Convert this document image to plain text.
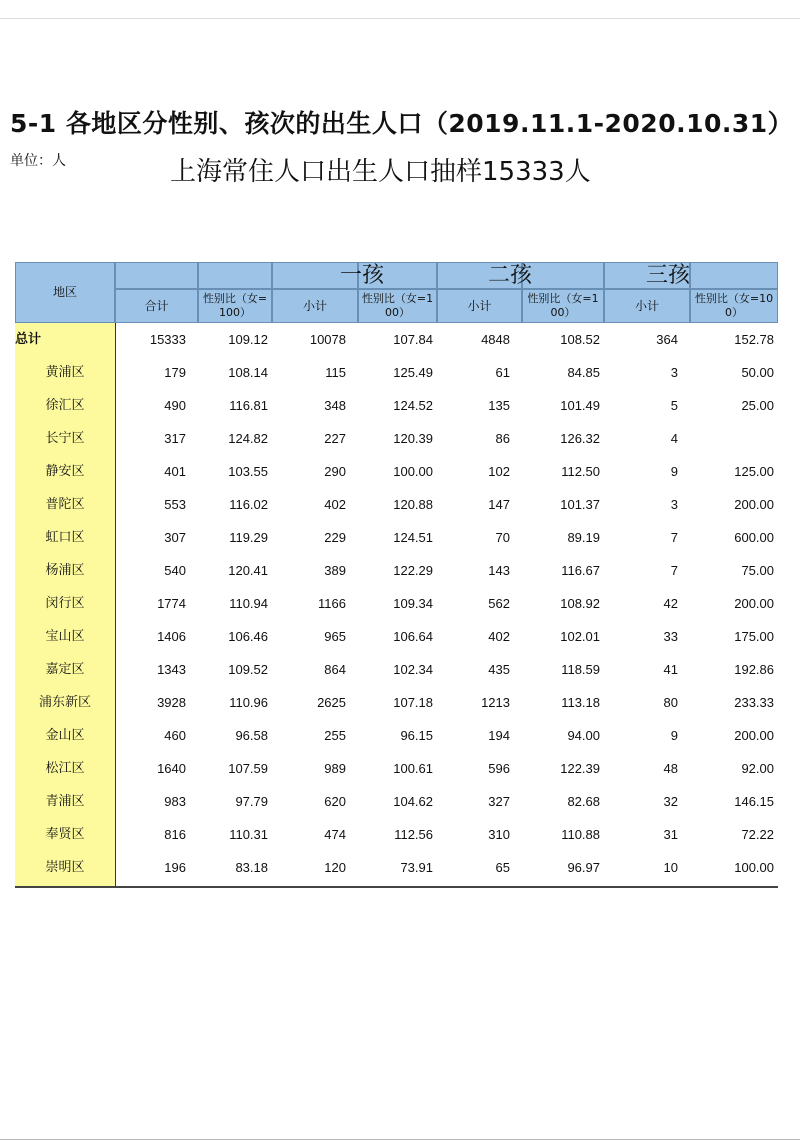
5-1 各地区分性别、孩次的出生人口（2019.11.1-2020.10.31）
单位：人	上海常住人口出生人口抽样15333人
地区
合计	性别比（女=100）	小计	性别比（女=100）	小计	性别比（女=100）	小计	性别比（女=100）
一孩	二孩	三孩
总计	15333	109.12	10078	107.84	4848	108.52	364	152.78
黄浦区	179	108.14	115	125.49	61	84.85	3	50.00
徐汇区	490	116.81	348	124.52	135	101.49	5	25.00
长宁区	317	124.82	227	120.39	86	126.32	4
静安区	401	103.55	290	100.00	102	112.50	9	125.00
普陀区	553	116.02	402	120.88	147	101.37	3	200.00
虹口区	307	119.29	229	124.51	70	89.19	7	600.00
杨浦区	540	120.41	389	122.29	143	116.67	7	75.00
闵行区	1774	110.94	1166	109.34	562	108.92	42	200.00
宝山区	1406	106.46	965	106.64	402	102.01	33	175.00
嘉定区	1343	109.52	864	102.34	435	118.59	41	192.86
浦东新区	3928	110.96	2625	107.18	1213	113.18	80	233.33
金山区	460	96.58	255	96.15	194	94.00	9	200.00
松江区	1640	107.59	989	100.61	596	122.39	48	92.00
青浦区	983	97.79	620	104.62	327	82.68	32	146.15
奉贤区	816	110.31	474	112.56	310	110.88	31	72.22
崇明区	196	83.18	120	73.91	65	96.97	10	100.00
